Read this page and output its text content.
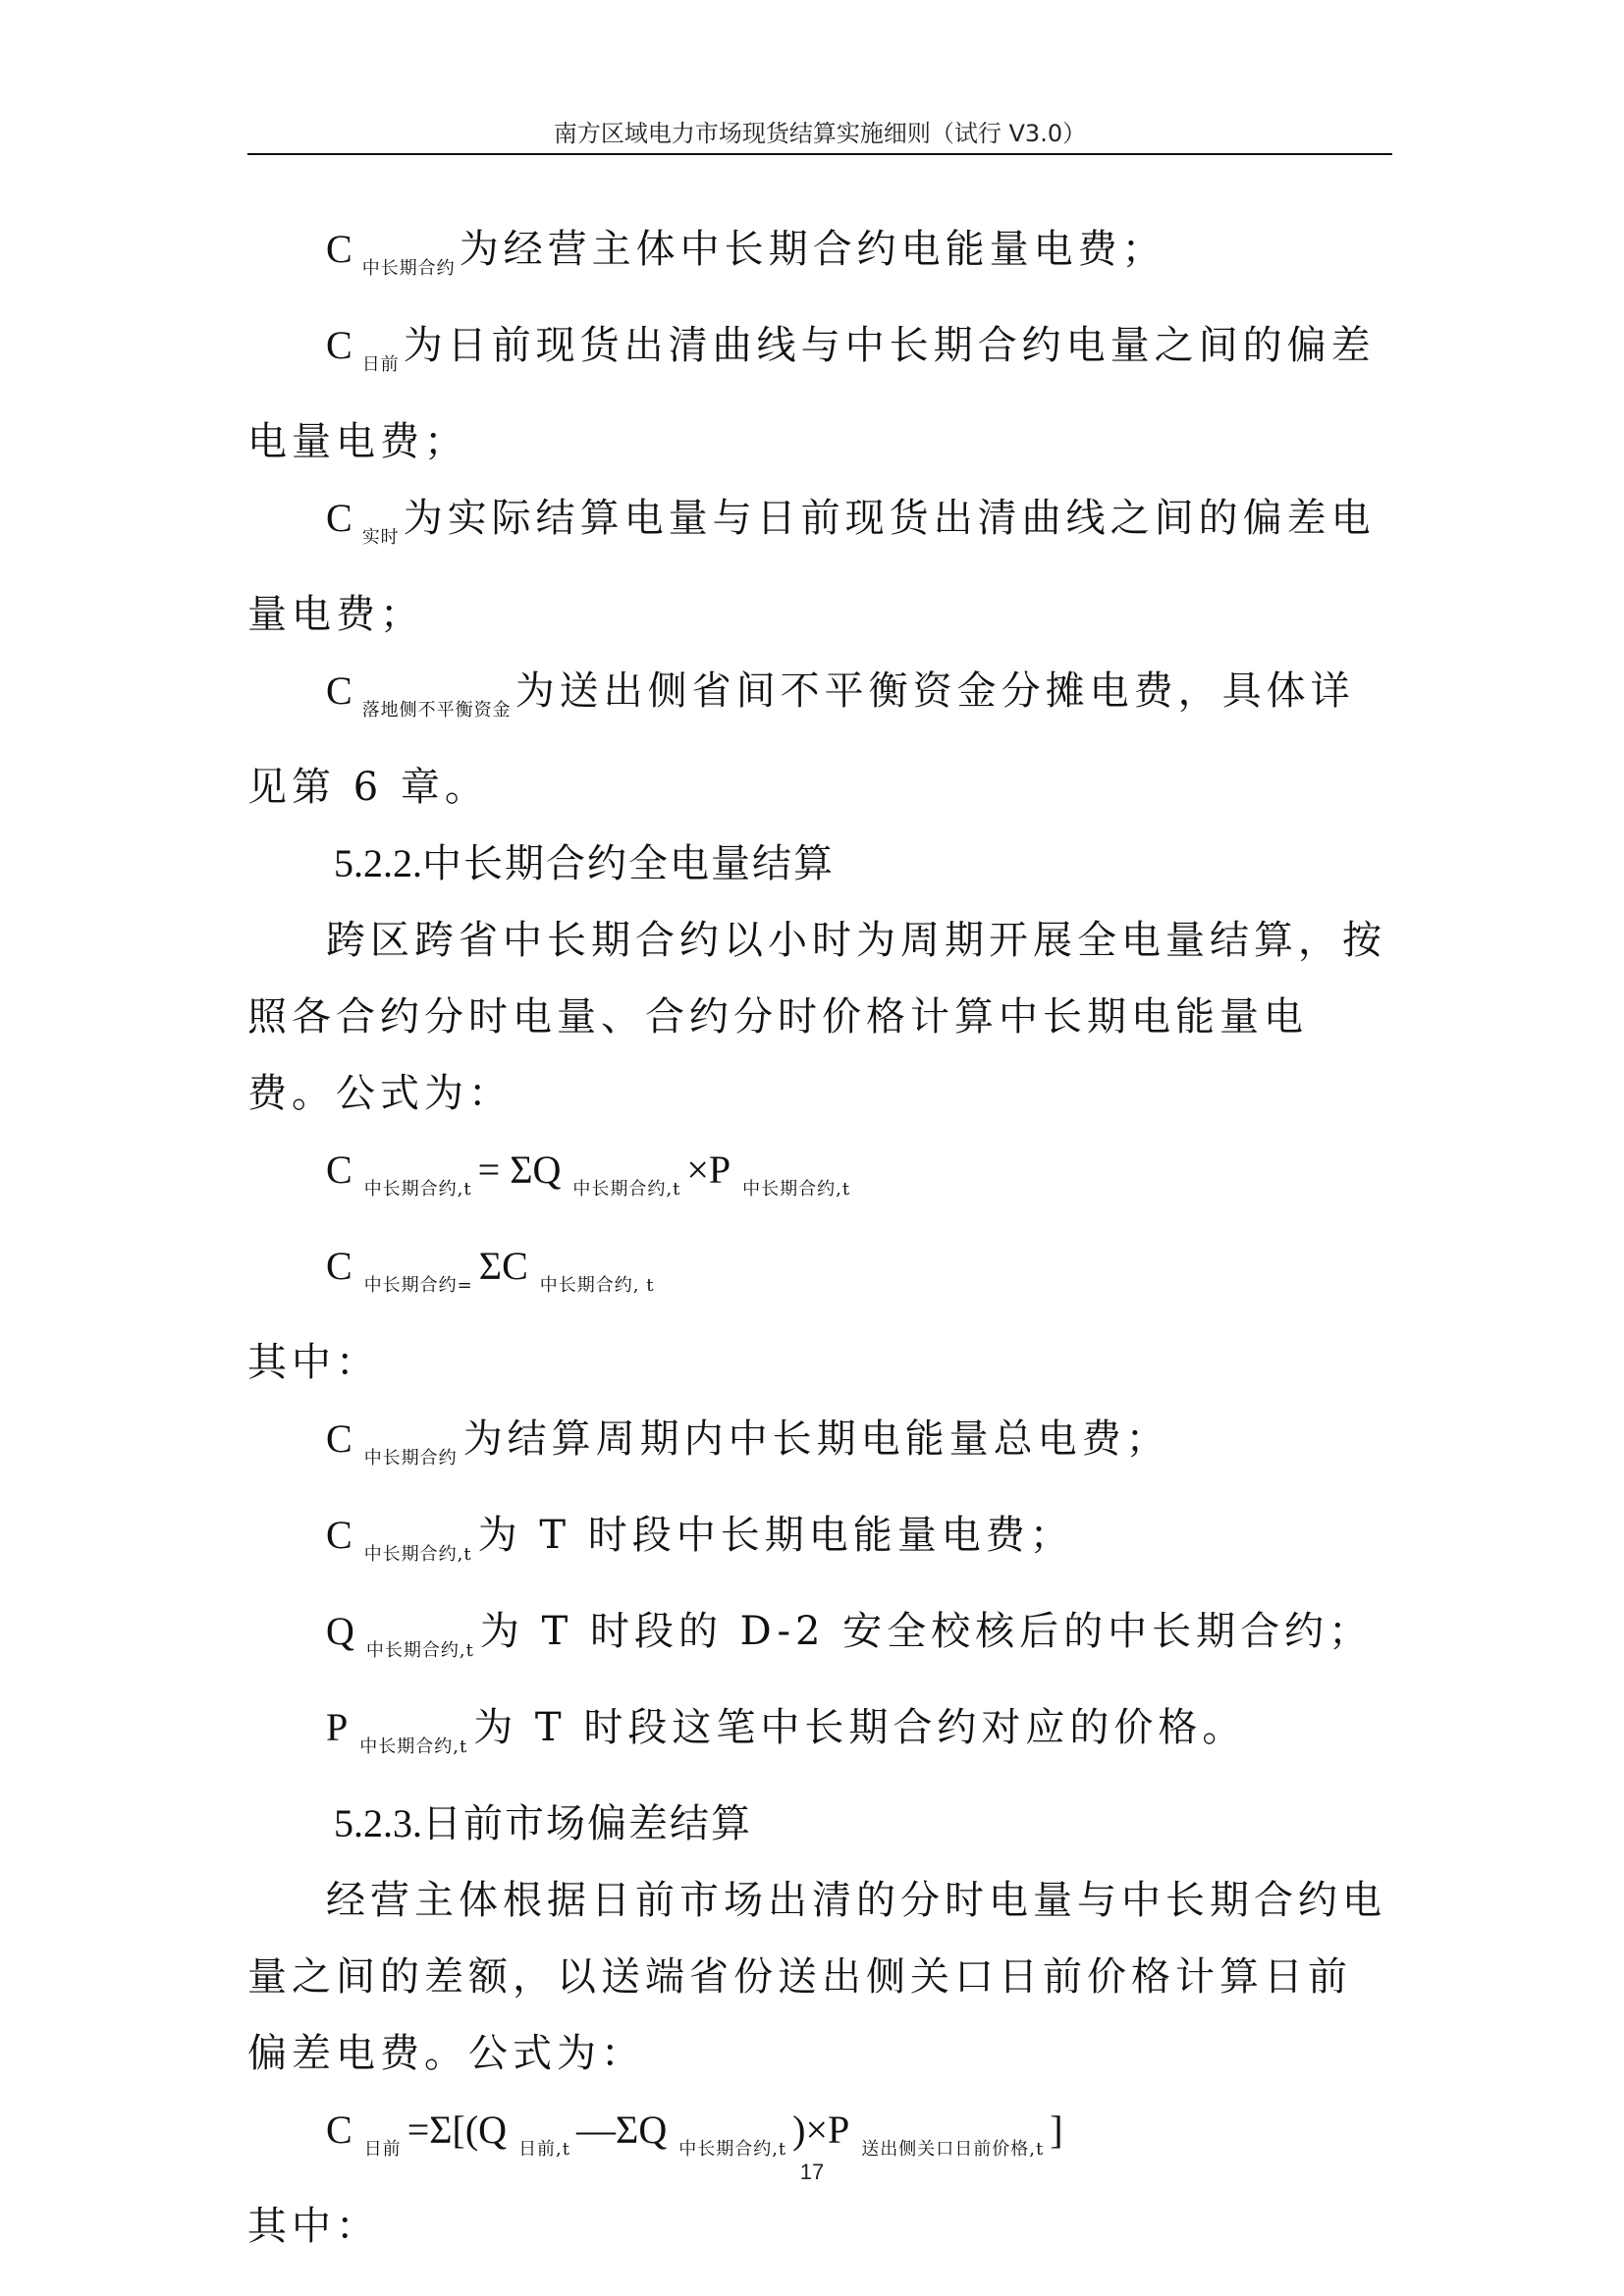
南方区域电力市场现货结算实施细则（试行 V3.0）

C $_{中长期合约}$ 为经营主体中长期合约电能量电费；

C $_{日前}$ 为日前现货出清曲线与中长期合约电量之间的偏差电量电费；

C $_{实时}$ 为实际结算电量与日前现货出清曲线之间的偏差电量电费；

C $_{落地侧不平衡资金}$ 为送出侧省间不平衡资金分摊电费，具体详见第 6 章。

5.2.2.中长期合约全电量结算

跨区跨省中长期合约以小时为周期开展全电量结算，按照各合约分时电量、合约分时价格计算中长期电能量电费。公式为：

C $_{中长期合约,t}$ = ΣQ $_{中长期合约,t}$ ×P $_{中长期合约,t}$

C $_{中长期合约=}$ ΣC $_{中长期合约, t}$

其中：

C $_{中长期合约}$ 为结算周期内中长期电能量总电费；

C $_{中长期合约,t}$ 为 T 时段中长期电能量电费；

Q $_{中长期合约,t}$ 为 T 时段的 D-2 安全校核后的中长期合约；

P $_{中长期合约,t}$ 为 T 时段这笔中长期合约对应的价格。

5.2.3.日前市场偏差结算

经营主体根据日前市场出清的分时电量与中长期合约电量之间的差额，以送端省份送出侧关口日前价格计算日前偏差电费。公式为：

C $_{日前}$ =Σ[(Q $_{日前,t}$ —ΣQ $_{中长期合约,t}$ )×P $_{送出侧关口日前价格,t}$ ]

其中：

17
